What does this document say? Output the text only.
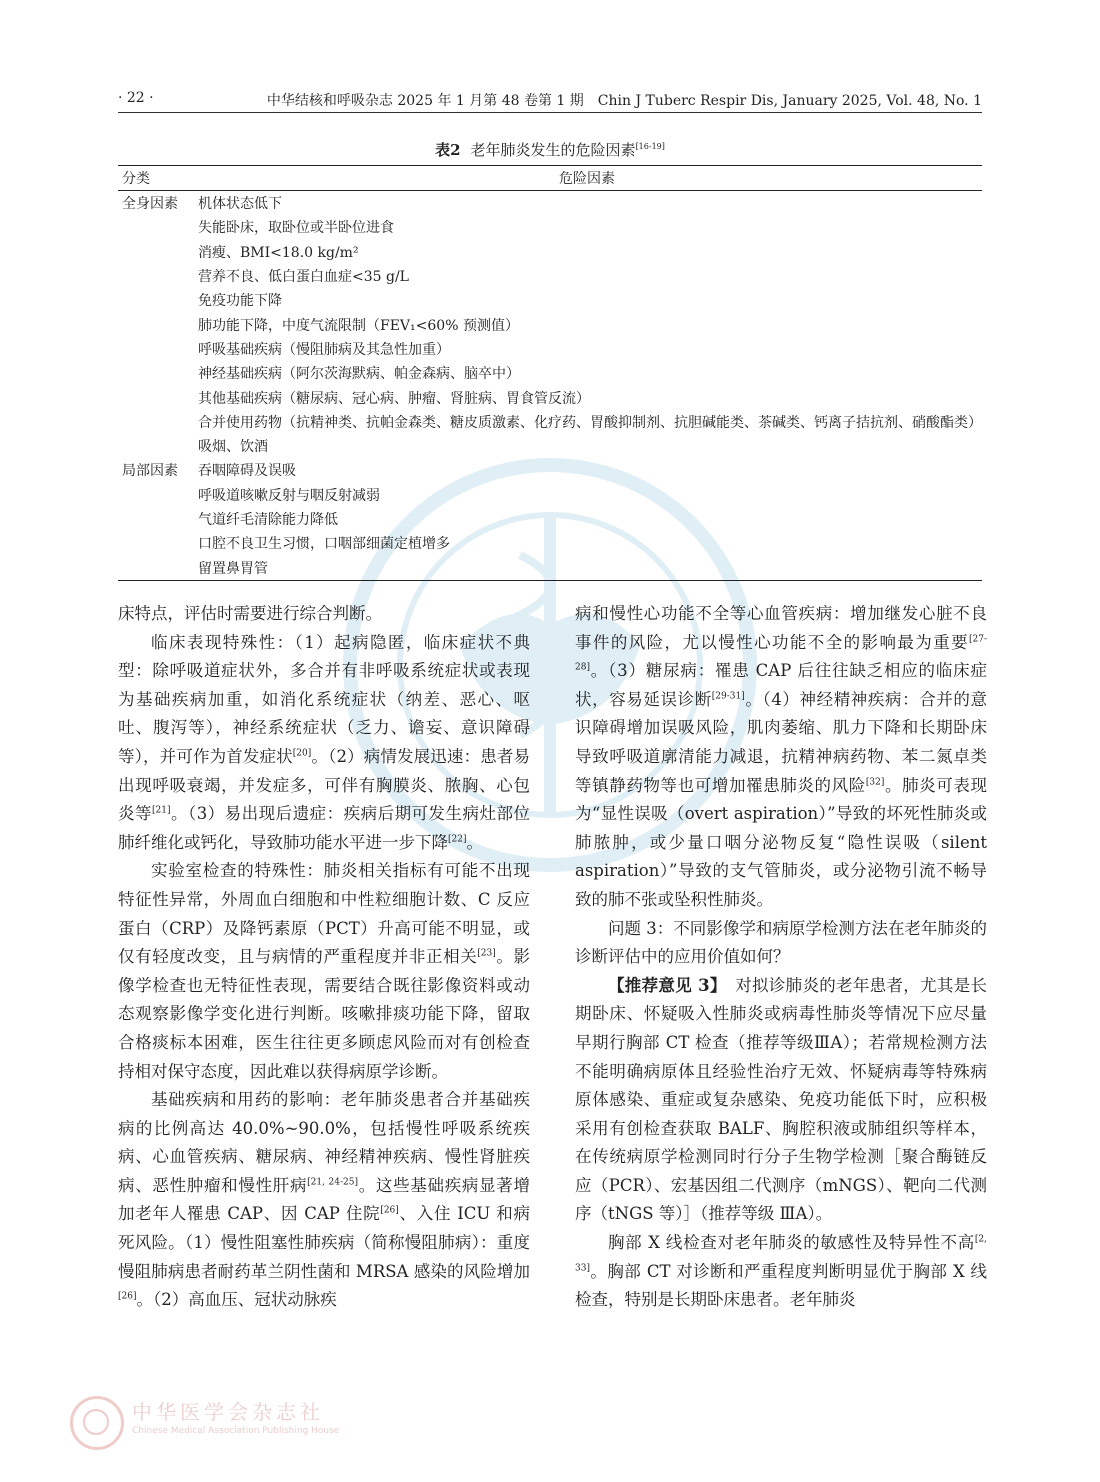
· 22 ·	中华结核和呼吸杂志 2025 年 1 月第 48 卷第 1 期　Chin J Tuberc Respir Dis, January 2025, Vol. 48, No. 1
表2 老年肺炎发生的危险因素[16-19]
分类	危险因素
全身因素	机体状态低下
	失能卧床，取卧位或半卧位进食
	消瘦、BMI<18.0 kg/m²
	营养不良、低白蛋白血症<35 g/L
	免疫功能下降
	肺功能下降，中度气流限制（FEV₁<60% 预测值）
	呼吸基础疾病（慢阻肺病及其急性加重）
	神经基础疾病（阿尔茨海默病、帕金森病、脑卒中）
	其他基础疾病（糖尿病、冠心病、肿瘤、肾脏病、胃食管反流）
	合并使用药物（抗精神类、抗帕金森类、糖皮质激素、化疗药、胃酸抑制剂、抗胆碱能类、茶碱类、钙离子拮抗剂、硝酸酯类）
	吸烟、饮酒
局部因素	吞咽障碍及误吸
	呼吸道咳嗽反射与咽反射减弱
	气道纤毛清除能力降低
	口腔不良卫生习惯，口咽部细菌定植增多
	留置鼻胃管

床特点，评估时需要进行综合判断。

临床表现特殊性：（1）起病隐匿，临床症状不典型：除呼吸道症状外，多合并有非呼吸系统症状或表现为基础疾病加重，如消化系统症状（纳差、恶心、呕吐、腹泻等），神经系统症状（乏力、谵妄、意识障碍等），并可作为首发症状[20]。（2）病情发展迅速：患者易出现呼吸衰竭，并发症多，可伴有胸膜炎、脓胸、心包炎等[21]。（3）易出现后遗症：疾病后期可发生病灶部位肺纤维化或钙化，导致肺功能水平进一步下降[22]。

实验室检查的特殊性：肺炎相关指标有可能不出现特征性异常，外周血白细胞和中性粒细胞计数、C 反应蛋白（CRP）及降钙素原（PCT）升高可能不明显，或仅有轻度改变，且与病情的严重程度并非正相关[23]。影像学检查也无特征性表现，需要结合既往影像资料或动态观察影像学变化进行判断。咳嗽排痰功能下降，留取合格痰标本困难，医生往往更多顾虑风险而对有创检查持相对保守态度，因此难以获得病原学诊断。

基础疾病和用药的影响：老年肺炎患者合并基础疾病的比例高达 40.0%~90.0%，包括慢性呼吸系统疾病、心血管疾病、糖尿病、神经精神疾病、慢性肾脏疾病、恶性肿瘤和慢性肝病[21, 24-25]。这些基础疾病显著增加老年人罹患 CAP、因 CAP 住院[26]、入住 ICU 和病死风险。（1）慢性阻塞性肺疾病（简称慢阻肺病）：重度慢阻肺病患者耐药革兰阴性菌和 MRSA 感染的风险增加[26]。（2）高血压、冠状动脉疾

病和慢性心功能不全等心血管疾病：增加继发心脏不良事件的风险，尤以慢性心功能不全的影响最为重要[27-28]。（3）糖尿病：罹患 CAP 后往往缺乏相应的临床症状，容易延误诊断[29-31]。（4）神经精神疾病：合并的意识障碍增加误吸风险，肌肉萎缩、肌力下降和长期卧床导致呼吸道廓清能力减退，抗精神病药物、苯二氮卓类等镇静药物等也可增加罹患肺炎的风险[32]。肺炎可表现为“显性误吸（overt aspiration）”导致的坏死性肺炎或肺脓肿，或少量口咽分泌物反复“隐性误吸（silent aspiration）”导致的支气管肺炎，或分泌物引流不畅导致的肺不张或坠积性肺炎。

问题 3：不同影像学和病原学检测方法在老年肺炎的诊断评估中的应用价值如何？

【推荐意见 3】　对拟诊肺炎的老年患者，尤其是长期卧床、怀疑吸入性肺炎或病毒性肺炎等情况下应尽量早期行胸部 CT 检查（推荐等级ⅢA）；若常规检测方法不能明确病原体且经验性治疗无效、怀疑病毒等特殊病原体感染、重症或复杂感染、免疫功能低下时，应积极采用有创检查获取 BALF、胸腔积液或肺组织等样本，在传统病原学检测同时行分子生物学检测［聚合酶链反应（PCR）、宏基因组二代测序（mNGS）、靶向二代测序（tNGS 等）］（推荐等级 ⅢA）。

胸部 X 线检查对老年肺炎的敏感性及特异性不高[2, 33]。胸部 CT 对诊断和严重程度判断明显优于胸部 X 线检查，特别是长期卧床患者。老年肺炎

中华医学会杂志社
Chinese Medical Association Publishing House
